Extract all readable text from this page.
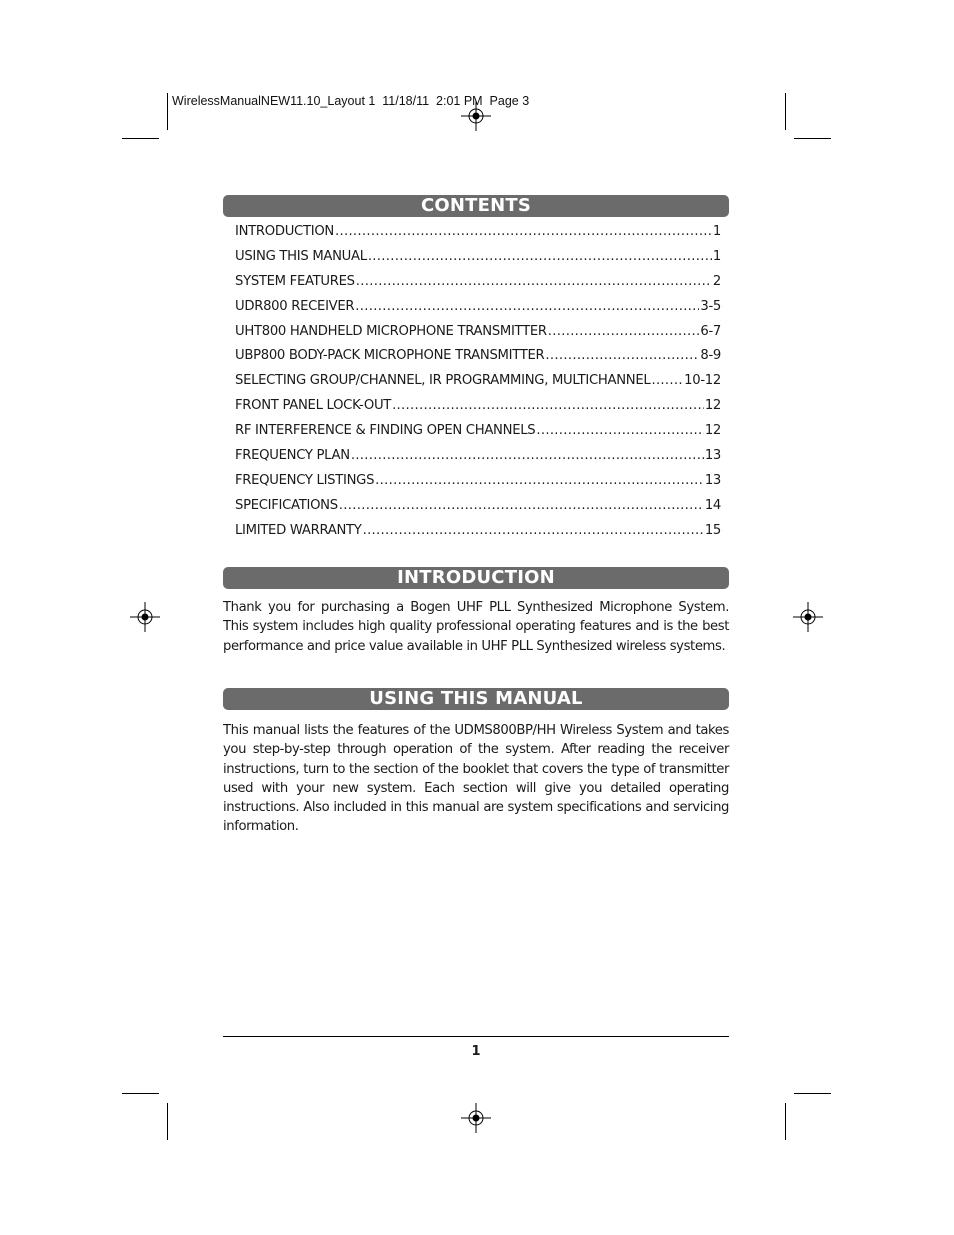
WirelessManualNEW11.10_Layout 1  11/18/11  2:01 PM  Page 3
CONTENTS
INTRODUCTION .....	1
USING THIS MANUAL .....	1
SYSTEM FEATURES .....	2
UDR800 RECEIVER .....	3-5
UHT800 HANDHELD MICROPHONE TRANSMITTER .....	6-7
UBP800 BODY-PACK MICROPHONE TRANSMITTER .....	8-9
SELECTING GROUP/CHANNEL, IR PROGRAMMING, MULTICHANNEL .....	10-12
FRONT PANEL LOCK-OUT .....	12
RF INTERFERENCE & FINDING OPEN CHANNELS .....	12
FREQUENCY PLAN .....	13
FREQUENCY LISTINGS .....	13
SPECIFICATIONS .....	14
LIMITED WARRANTY .....	15
INTRODUCTION

Thank you for purchasing a Bogen UHF PLL Synthesized Microphone System. This system includes high quality professional operating features and is the best performance and price value available in UHF PLL Synthesized wireless systems.

USING THIS MANUAL

This manual lists the features of the UDMS800BP/HH Wireless System and takes you step-by-step through operation of the system. After reading the receiver instructions, turn to the section of the booklet that covers the type of transmitter used with your new system. Each section will give you detailed operating instructions. Also included in this manual are system specifications and servicing information.

1
